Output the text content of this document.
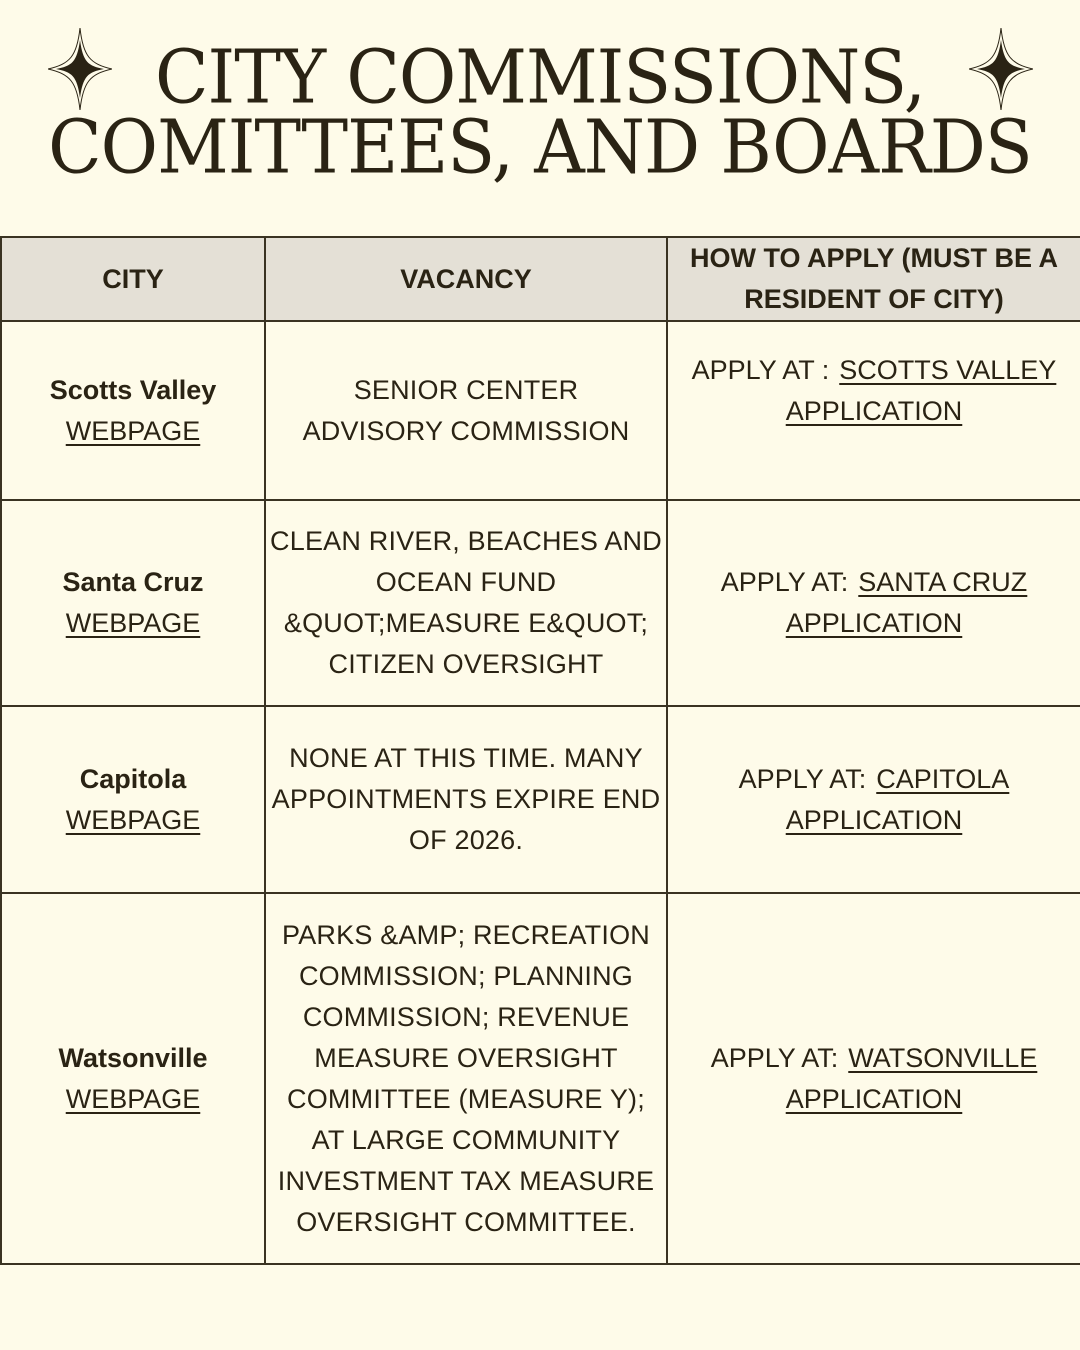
CITY COMMISSIONS,
COMITTEES, AND BOARDS
CITY	VACANCY	HOW TO APPLY (MUST BE A RESIDENT OF CITY)

Scotts Valley
WEBPAGE	SENIOR CENTER ADVISORY COMMISSION	APPLY AT : SCOTTS VALLEY
APPLICATION

Santa Cruz
WEBPAGE	CLEAN RIVER, BEACHES AND OCEAN FUND &QUOT;MEASURE E&QUOT; CITIZEN OVERSIGHT	APPLY AT: SANTA CRUZ
APPLICATION

Capitola
WEBPAGE	NONE AT THIS TIME. MANY APPOINTMENTS EXPIRE END OF 2026.	APPLY AT: CAPITOLA
APPLICATION

Watsonville
WEBPAGE	PARKS &AMP; RECREATION COMMISSION; PLANNING COMMISSION; REVENUE MEASURE OVERSIGHT COMMITTEE (MEASURE Y); AT LARGE COMMUNITY INVESTMENT TAX MEASURE OVERSIGHT COMMITTEE.	APPLY AT: WATSONVILLE
APPLICATION
